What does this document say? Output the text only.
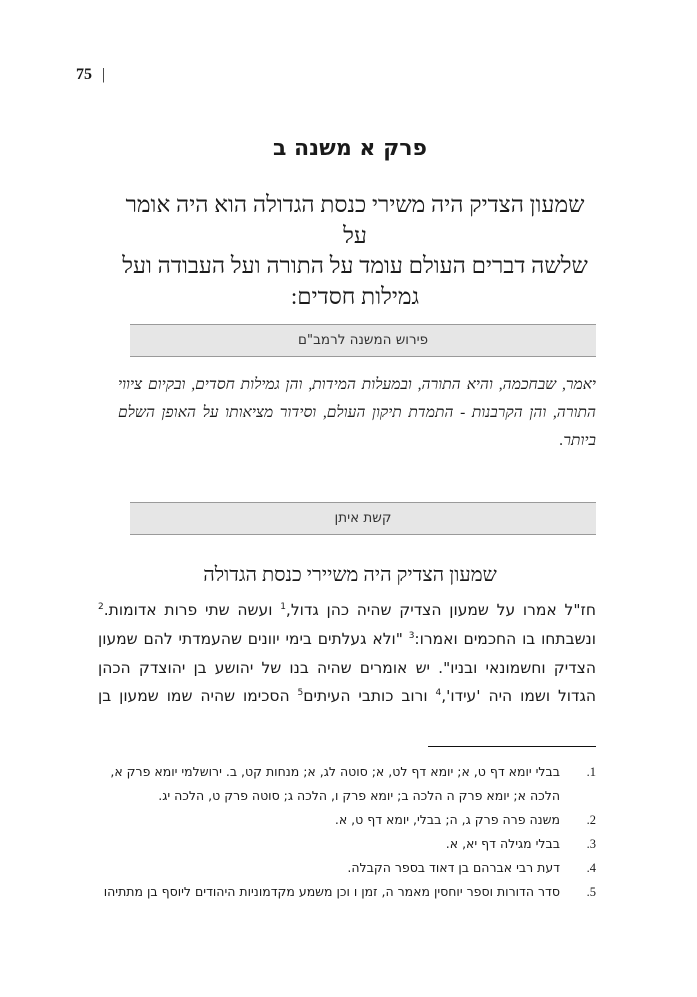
75 |
פרק א משנה ב
שמעון הצדיק היה משירי כנסת הגדולה הוא היה אומר על
שלשה דברים העולם עומד על התורה ועל העבודה ועל
גמילות חסדים:
פירוש המשנה לרמב"ם
יאמר, שבחכמה, והיא התורה, ובמעלות המידות, והן גמילות חסדים, ובקיום ציווי התורה, והן הקרבנות - התמדת תיקון העולם, וסידור מציאותו על האופן השלם ביותר.
קשת איתן
שמעון הצדיק היה משיירי כנסת הגדולה
חז"ל אמרו על שמעון הצדיק שהיה כהן גדול,$^1$ ועשה שתי פרות אדומות.$^2$ ונשבתחו בו החכמים ואמרו:$^3$ "ולא געלתים בימי יוונים שהעמדתי להם שמעון הצדיק וחשמונאי ובניו". יש אומרים שהיה בנו של יהושע בן יהוצדק הכהן הגדול ושמו היה 'עידו',$^4$ ורוב כותבי העיתים$^5$ הסכימו שהיה שמו שמעון בן
1.
בבלי יומא דף ט, א; יומא דף לט, א; סוטה לג, א; מנחות קט, ב. ירושלמי יומא פרק א, הלכה א; יומא פרק ה הלכה ב; יומא פרק ו, הלכה ג; סוטה פרק ט, הלכה יג.
2.
משנה פרה פרק ג, ה; בבלי, יומא דף ט, א.
3.
בבלי מגילה דף יא, א.
4.
דעת רבי אברהם בן דאוד בספר הקבלה.
5.
סדר הדורות וספר יוחסין מאמר ה, זמן ו וכן משמע מקדמוניות היהודים ליוסף בן מתתיהו
